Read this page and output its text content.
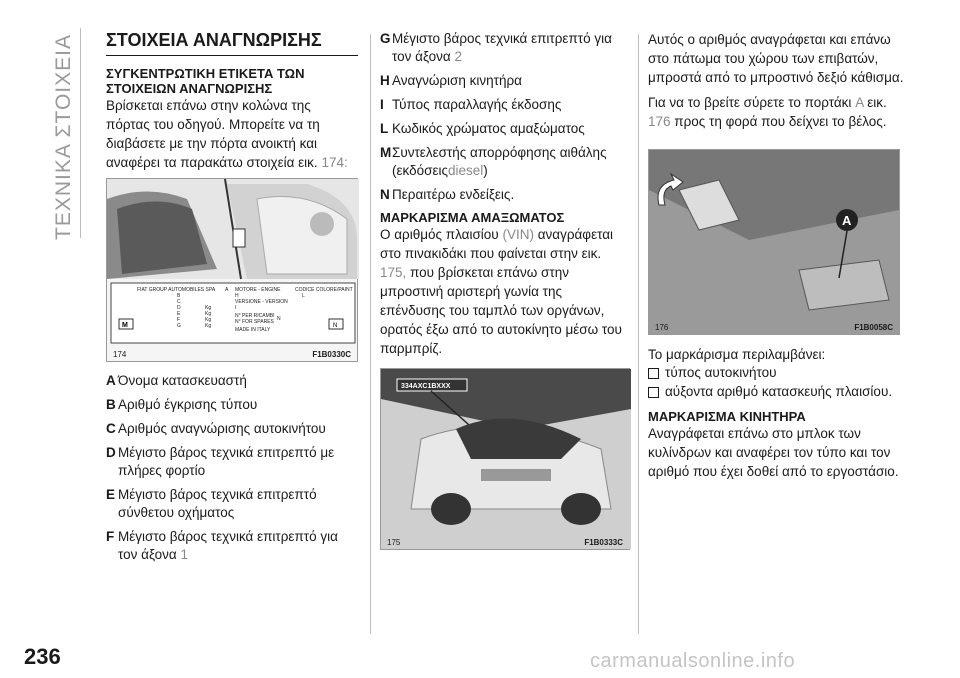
ΤΕΧΝΙΚΑ ΣΤΟΙΧΕΙΑ ΣΤΟΙΧΕΙΑ ΑΝΑΓΝΩΡΙΣΗΣ
ΣΥΓΚΕΝΤΡΩΤΙΚΗ ΕΤΙΚΕΤΑ ΤΩΝ ΣΤΟΙΧΕΙΩΝ ΑΝΑΓΝΩΡΙΣΗΣ

Βρίσκεται επάνω στην κολώνα της πόρτας του οδηγού. Μπορείτε να τη διαβάσετε με την πόρτα ανοικτή και αναφέρει τα παρακάτω στοιχεία εικ. 174:

FIAT GROUP AUTOMOBILES SPA A MOTORE - ENGINE	CODICE COLORE/PAINT
B
C
D
E
F
G
Kg
Kg
Kg
Kg
H	L
VERSIONE - VERSION
I
N° PER RICAMBI
N° FOR SPARES N
MADE IN ITALY
M	N
174	F1B0330C
A Όνομα κατασκευαστή
B Αριθμό έγκρισης τύπου
C Αριθμός αναγνώρισης αυτοκινήτου
D Μέγιστο βάρος τεχνικά επιτρεπτό με πλήρες φορτίο
E Μέγιστο βάρος τεχνικά επιτρεπτό σύνθετου οχήματος
F Μέγιστο βάρος τεχνικά επιτρεπτό για τον άξονα 1
GΜέγιστο βάρος τεχνικά επιτρεπτό για τον άξονα 2
H Αναγνώριση κινητήρα
I Τύπος παραλλαγής έκδοσης
L Κωδικός χρώματος αμαξώματος
MΣυντελεστής απορρόφησης αιθάλης (εκδόσειςdiesel)
N Περαιτέρω ενδείξεις.
ΜΑΡΚΑΡΙΣΜΑ ΑΜΑΞΩΜΑΤΟΣ

Ο αριθμός πλαισίου (VIN) αναγράφεται στο πινακιδάκι που φαίνεται στην εικ. 175, που βρίσκεται επάνω στην μπροστινή αριστερή γωνία της επένδυσης του ταμπλό των οργάνων, ορατός έξω από το αυτοκίνητο μέσω του παρμπρίζ.

334AXC1BXXX
175	F1B0333C

Αυτός ο αριθμός αναγράφεται και επάνω στο πάτωμα του χώρου των επιβατών, μπροστά από το μπροστινό δεξιό κάθισμα.

Για να το βρείτε σύρετε το πορτάκι A εικ. 176 προς τη φορά που δείχνει το βέλος.

A
176	F1B0058C

Το μαρκάρισμα περιλαμβάνει:

τύπος αυτοκινήτου
αύξοντα αριθμό κατασκευής πλαισίου.
ΜΑΡΚΑΡΙΣΜΑ ΚΙΝΗΤΗΡΑ

Αναγράφεται επάνω στο μπλοκ των κυλίνδρων και αναφέρει τον τύπο και τον αριθμό που έχει δοθεί από το εργοστάσιο.

236	carmanualsonline.info
